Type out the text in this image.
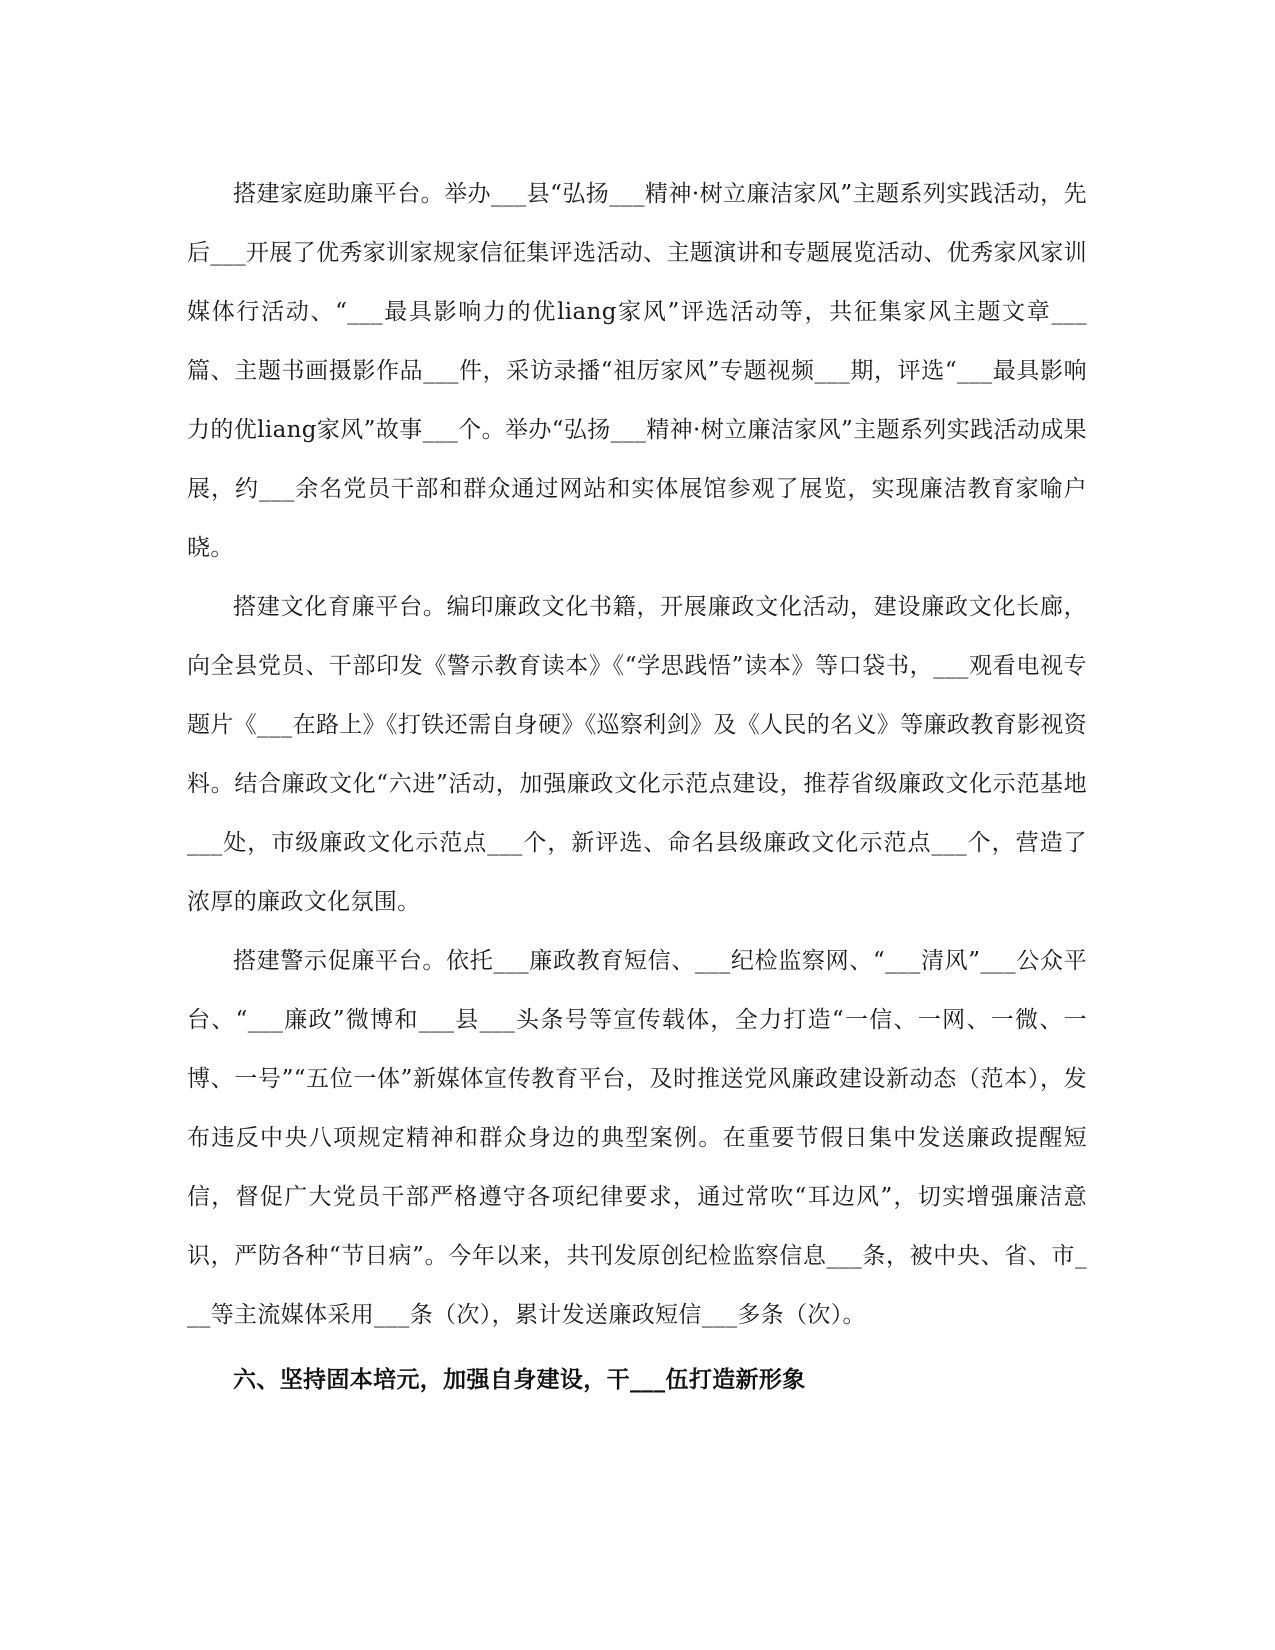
搭建家庭助廉平台。举办___县“弘扬___精神·树立廉洁家风”主题系列实践活动，先后___开展了优秀家训家规家信征集评选活动、主题演讲和专题展览活动、优秀家风家训媒体行活动、“___最具影响力的优liang家风”评选活动等，共征集家风主题文章___篇、主题书画摄影作品___件，采访录播“祖厉家风”专题视频___期，评选“___最具影响力的优liang家风”故事___个。举办“弘扬___精神·树立廉洁家风”主题系列实践活动成果展，约___余名党员干部和群众通过网站和实体展馆参观了展览，实现廉洁教育家喻户晓。

搭建文化育廉平台。编印廉政文化书籍，开展廉政文化活动，建设廉政文化长廊，向全县党员、干部印发《警示教育读本》《“学思践悟”读本》等口袋书，___观看电视专题片《___在路上》《打铁还需自身硬》《巡察利剑》及《人民的名义》等廉政教育影视资料。结合廉政文化“六进”活动，加强廉政文化示范点建设，推荐省级廉政文化示范基地___处，市级廉政文化示范点___个，新评选、命名县级廉政文化示范点___个，营造了浓厚的廉政文化氛围。

搭建警示促廉平台。依托___廉政教育短信、___纪检监察网、“___清风”___公众平台、“___廉政”微博和___县___头条号等宣传载体，全力打造“一信、一网、一微、一博、一号”“五位一体”新媒体宣传教育平台，及时推送党风廉政建设新动态（范本），发布违反中央八项规定精神和群众身边的典型案例。在重要节假日集中发送廉政提醒短信，督促广大党员干部严格遵守各项纪律要求，通过常吹“耳边风”，切实增强廉洁意识，严防各种“节日病”。今年以来，共刊发原创纪检监察信息___条，被中央、省、市___等主流媒体采用___条（次），累计发送廉政短信___多条（次）。

六、坚持固本培元，加强自身建设，干___伍打造新形象
